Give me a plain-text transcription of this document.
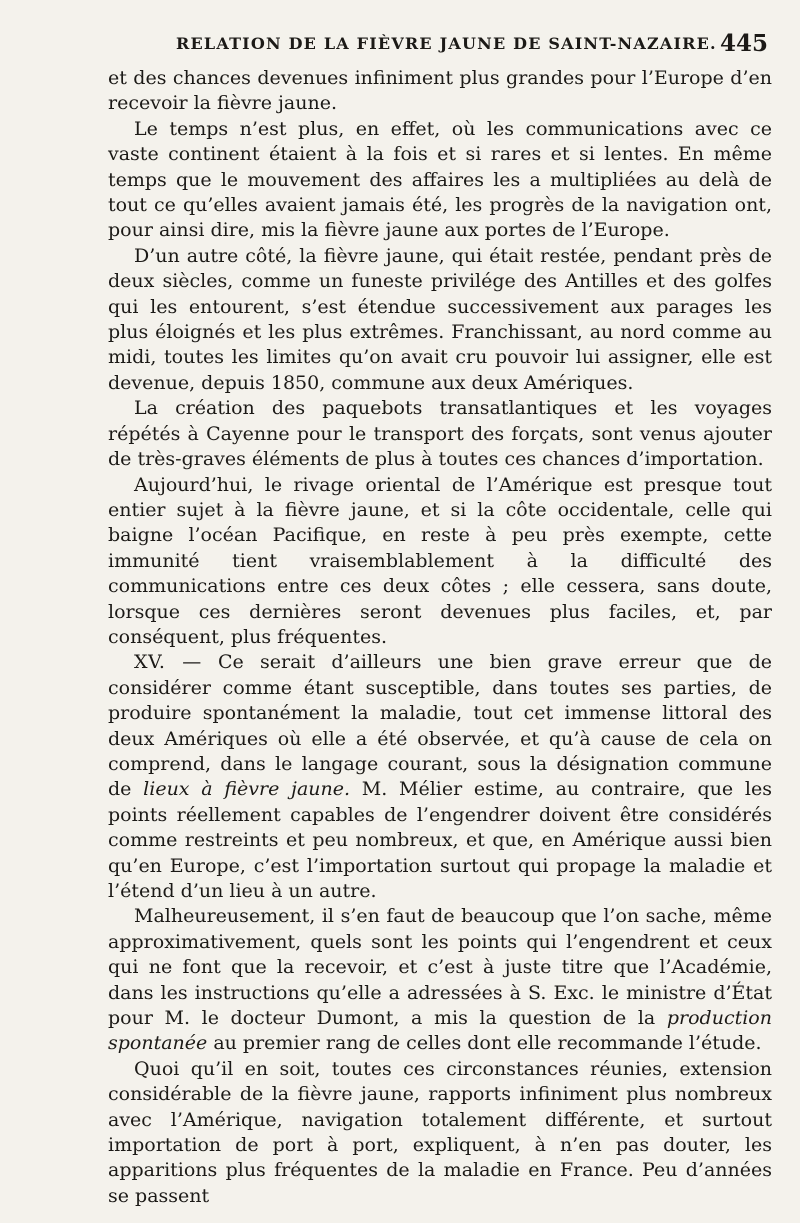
RELATION DE LA FIÈVRE JAUNE DE SAINT-NAZAIRE. 445

et des chances devenues infiniment plus grandes pour l’Europe d’en recevoir la fièvre jaune.

Le temps n’est plus, en effet, où les communications avec ce vaste continent étaient à la fois et si rares et si lentes. En même temps que le mouvement des affaires les a multipliées au delà de tout ce qu’elles avaient jamais été, les progrès de la navigation ont, pour ainsi dire, mis la fièvre jaune aux portes de l’Europe.

D’un autre côté, la fièvre jaune, qui était restée, pendant près de deux siècles, comme un funeste privilége des Antilles et des golfes qui les entourent, s’est étendue successivement aux parages les plus éloignés et les plus extrêmes. Franchissant, au nord comme au midi, toutes les limites qu’on avait cru pouvoir lui assigner, elle est devenue, depuis 1850, commune aux deux Amériques.

La création des paquebots transatlantiques et les voyages répétés à Cayenne pour le transport des forçats, sont venus ajouter de très-graves éléments de plus à toutes ces chances d’importation.

Aujourd’hui, le rivage oriental de l’Amérique est presque tout entier sujet à la fièvre jaune, et si la côte occidentale, celle qui baigne l’océan Pacifique, en reste à peu près exempte, cette immunité tient vraisemblablement à la difficulté des communications entre ces deux côtes ; elle cessera, sans doute, lorsque ces dernières seront devenues plus faciles, et, par conséquent, plus fréquentes.

XV. — Ce serait d’ailleurs une bien grave erreur que de considérer comme étant susceptible, dans toutes ses parties, de produire spontanément la maladie, tout cet immense littoral des deux Amériques où elle a été observée, et qu’à cause de cela on comprend, dans le langage courant, sous la désignation commune de lieux à fièvre jaune. M. Mélier estime, au contraire, que les points réellement capables de l’engendrer doivent être considérés comme restreints et peu nombreux, et que, en Amérique aussi bien qu’en Europe, c’est l’importation surtout qui propage la maladie et l’étend d’un lieu à un autre.

Malheureusement, il s’en faut de beaucoup que l’on sache, même approximativement, quels sont les points qui l’engendrent et ceux qui ne font que la recevoir, et c’est à juste titre que l’Académie, dans les instructions qu’elle a adressées à S. Exc. le ministre d’État pour M. le docteur Dumont, a mis la question de la production spontanée au premier rang de celles dont elle recommande l’étude.

Quoi qu’il en soit, toutes ces circonstances réunies, extension considérable de la fièvre jaune, rapports infiniment plus nombreux avec l’Amérique, navigation totalement différente, et surtout importation de port à port, expliquent, à n’en pas douter, les apparitions plus fréquentes de la maladie en France. Peu d’années se passent
